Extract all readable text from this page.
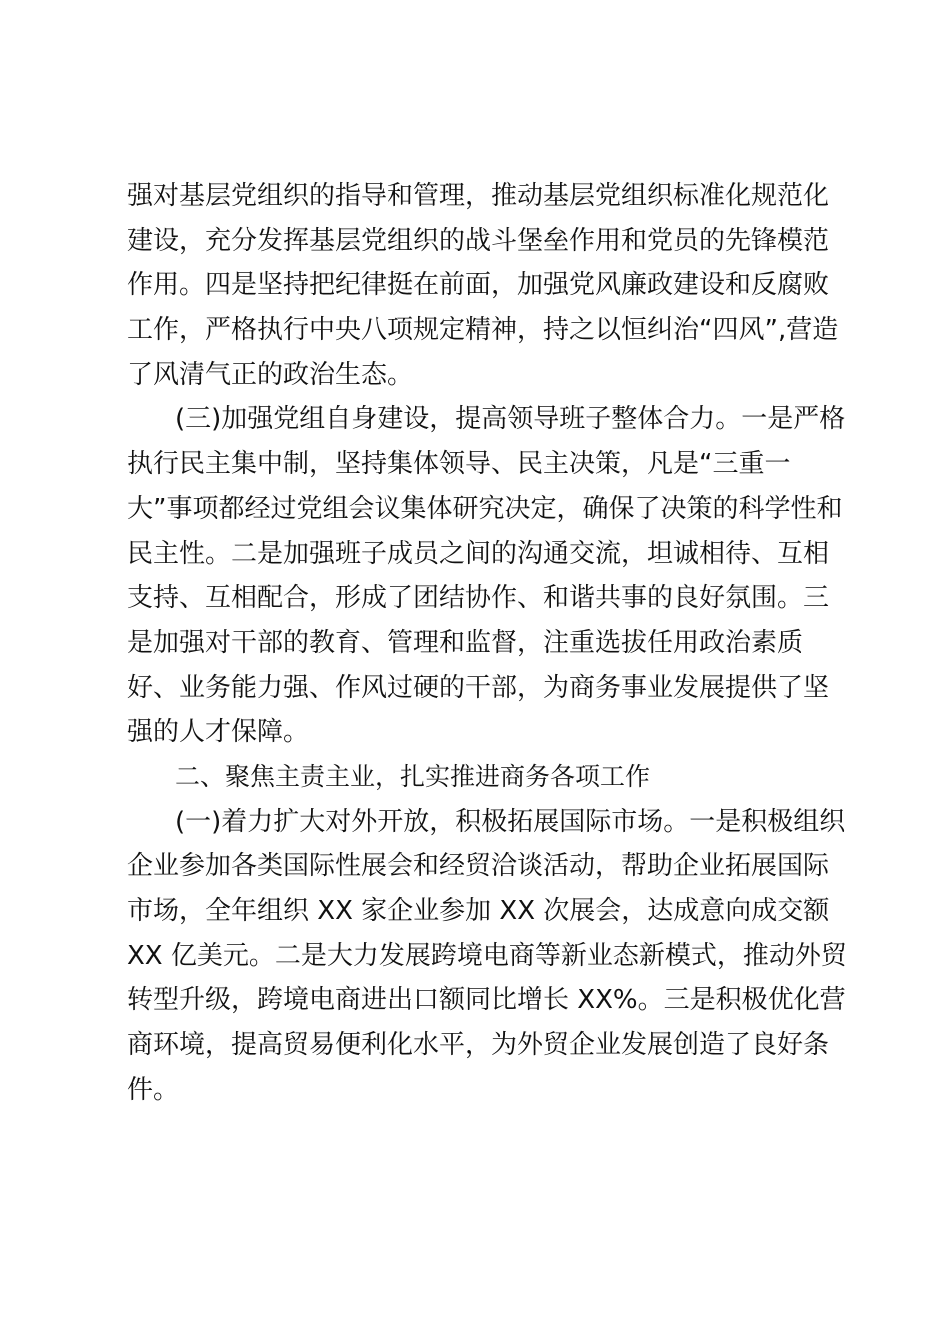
强对基层党组织的指导和管理，推动基层党组织标准化规范化
建设，充分发挥基层党组织的战斗堡垒作用和党员的先锋模范
作用。四是坚持把纪律挺在前面，加强党风廉政建设和反腐败
工作，严格执行中央八项规定精神，持之以恒纠治“四风”,营造
了风清气正的政治生态。
(三)加强党组自身建设，提高领导班子整体合力。一是严格
执行民主集中制，坚持集体领导、民主决策，凡是“三重一
大”事项都经过党组会议集体研究决定，确保了决策的科学性和
民主性。二是加强班子成员之间的沟通交流，坦诚相待、互相
支持、互相配合，形成了团结协作、和谐共事的良好氛围。三
是加强对干部的教育、管理和监督，注重选拔任用政治素质
好、业务能力强、作风过硬的干部，为商务事业发展提供了坚
强的人才保障。
二、聚焦主责主业，扎实推进商务各项工作
(一)着力扩大对外开放，积极拓展国际市场。一是积极组织
企业参加各类国际性展会和经贸洽谈活动，帮助企业拓展国际
市场，全年组织 XX 家企业参加 XX 次展会，达成意向成交额
XX 亿美元。二是大力发展跨境电商等新业态新模式，推动外贸
转型升级，跨境电商进出口额同比增长 XX%。三是积极优化营
商环境，提高贸易便利化水平，为外贸企业发展创造了良好条
件。
